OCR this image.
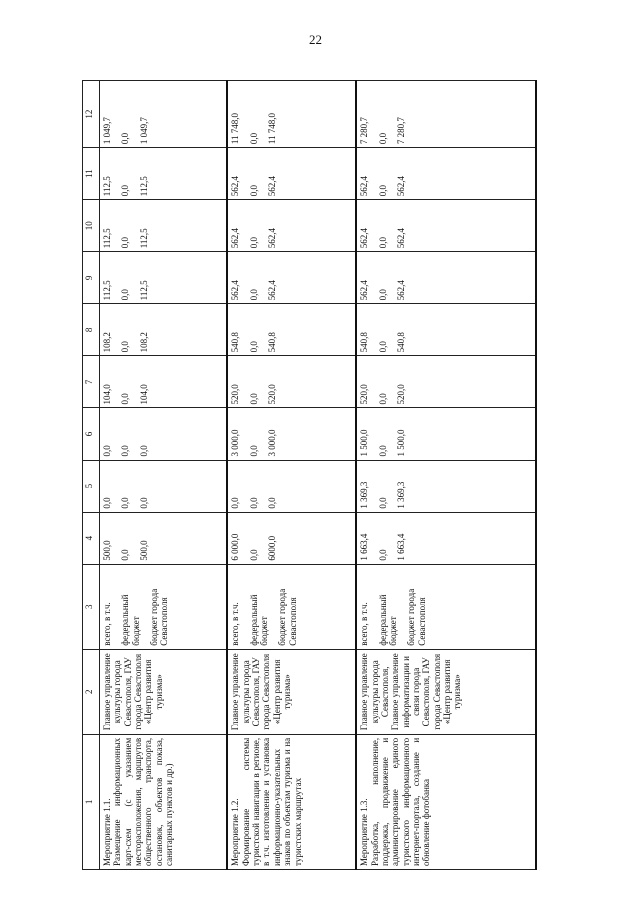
22
1	2	3	4	5	6	7	8	9	10	11	12

Мероприятие 1.1. Размещение информационных карт-схем (с указанием месторасположения, маршрутов общественного транспорта, остановок, объектов показа, санитарных пунктов и др.)	Главное управление культуры города Севастополя, ГАУ города Севастополя «Центр развития туризма»	всего, в т.ч. федеральный бюджет бюджет города Севастополя	500,0 0,0 500,0	0,0 0,0 0,0	0,0 0,0 0,0	104,0 0,0 104,0	108,2 0,0 108,2	112,5 0,0 112,5	112,5 0,0 112,5	112,5 0,0 112,5	1 049,7 0,0 1 049,7

Мероприятие 1.2. Формирование системы туристской навигации в регионе, в т.ч. изготовление и установка информационно-указательных знаков по объектам туризма и на туристских маршрутах	Главное управление культуры города Севастополя, ГАУ города Севастополя «Центр развития туризма»	всего, в т.ч. федеральный бюджет бюджет города Севастополя	6 000,0 0,0 6000,0	0,0 0,0 0,0	3 000,0 0,0 3 000,0	520,0 0,0 520,0	540,8 0,0 540,8	562,4 0,0 562,4	562,4 0,0 562,4	562,4 0,0 562,4	11 748,0 0,0 11 748,0

Мероприятие 1.3. Разработка, наполнение, поддержка, продвижение и администрирование единого туристского информационного интернет-портала, создание и обновление фотобанка	Главное управление культуры города Севастополя, Главное управление информатизации и связи города Севастополя, ГАУ города Севастополя «Центр развития туризма»	всего, в т.ч. федеральный бюджет бюджет города Севастополя	1 663,4 0,0 1 663,4	1 369,3 0,0 1 369,3	1 500,0 0,0 1 500,0	520,0 0,0 520,0	540,8 0,0 540,8	562,4 0,0 562,4	562,4 0,0 562,4	562,4 0,0 562,4	7 280,7 0,0 7 280,7
